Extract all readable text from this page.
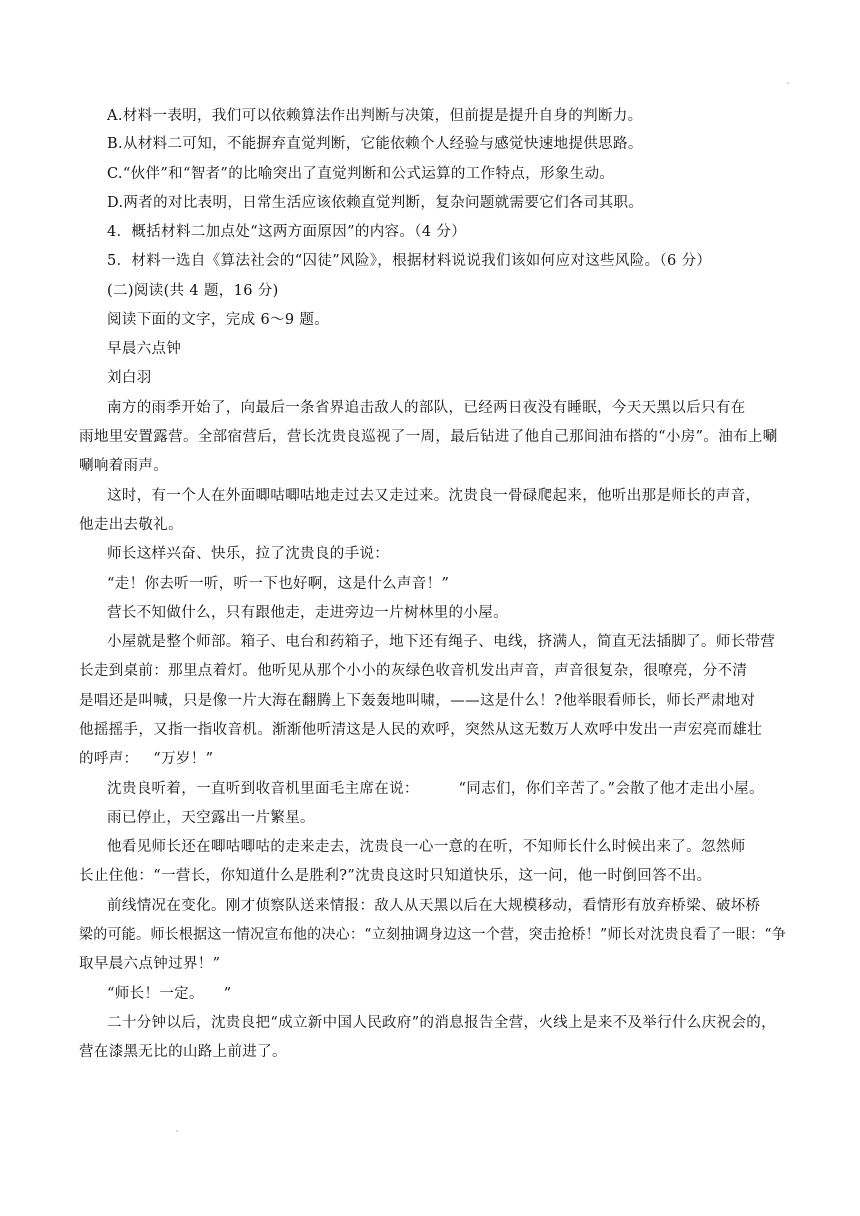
A.材料一表明，我们可以依赖算法作出判断与决策，但前提是提升自身的判断力。
B.从材料二可知，不能摒弃直觉判断，它能依赖个人经验与感觉快速地提供思路。
C.“伙伴”和“智者”的比喻突出了直觉判断和公式运算的工作特点，形象生动。
D.两者的对比表明，日常生活应该依赖直觉判断，复杂问题就需要它们各司其职。
4．概括材料二加点处“这两方面原因”的内容。（4 分）
5．材料一选自《算法社会的“囚徒”风险》，根据材料说说我们该如何应对这些风险。（6 分）
(二)阅读(共 4 题，16 分)
阅读下面的文字，完成 6～9 题。
早晨六点钟
刘白羽
南方的雨季开始了，向最后一条省界追击敌人的部队，已经两日夜没有睡眠，今天天黑以后只有在
雨地里安置露营。全部宿营后，营长沈贵良巡视了一周，最后钻进了他自己那间油布搭的“小房”。油布上唰
唰响着雨声。
这时，有一个人在外面唧咕唧咕地走过去又走过来。沈贵良一骨碌爬起来，他听出那是师长的声音，
他走出去敬礼。
师长这样兴奋、快乐，拉了沈贵良的手说：
“走！你去听一听，听一下也好啊，这是什么声音！”
营长不知做什么，只有跟他走，走进旁边一片树林里的小屋。
小屋就是整个师部。箱子、电台和药箱子，地下还有绳子、电线，挤满人，简直无法插脚了。师长带营
长走到桌前：那里点着灯。他听见从那个小小的灰绿色收音机发出声音，声音很复杂，很嘹亮，分不清
是唱还是叫喊，只是像一片大海在翻腾上下轰轰地叫啸，——这是什么！?他举眼看师长，师长严肃地对
他摇摇手，又指一指收音机。渐渐他听清这是人民的欢呼，突然从这无数万人欢呼中发出一声宏亮而雄壮
的呼声：   “万岁！”
沈贵良听着，一直听到收音机里面毛主席在说：        “同志们，你们辛苦了。”会散了他才走出小屋。
雨已停止，天空露出一片繁星。
他看见师长还在唧咕唧咕的走来走去，沈贵良一心一意的在听，不知师长什么时候出来了。忽然师
长止住他：“一营长，你知道什么是胜利?”沈贵良这时只知道快乐，这一问，他一时倒回答不出。
前线情况在变化。刚才侦察队送来情报：敌人从天黑以后在大规模移动，看情形有放弃桥梁、破坏桥
梁的可能。师长根据这一情况宣布他的决心：“立刻抽调身边这一个营，突击抢桥！”师长对沈贵良看了一眼：“争
取早晨六点钟过界！”
“师长！一定。    ”
二十分钟以后，沈贵良把“成立新中国人民政府”的消息报告全营，火线上是来不及举行什么庆祝会的，
营在漆黑无比的山路上前进了。
